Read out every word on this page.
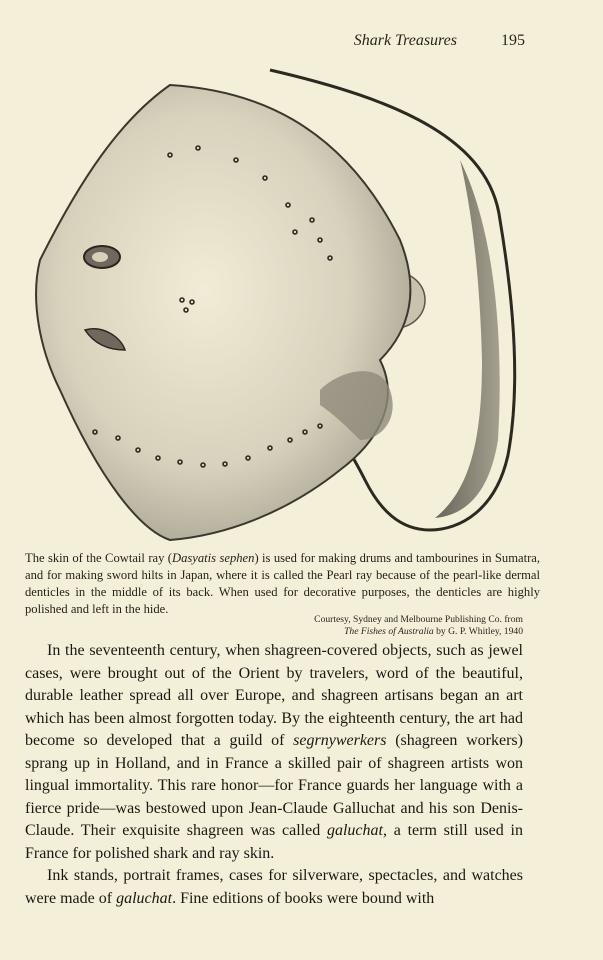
Shark Treasures	195
The skin of the Cowtail ray (Dasyatis sephen) is used for making drums and tambourines in Sumatra, and for making sword hilts in Japan, where it is called the Pearl ray because of the pearl-like dermal denticles in the middle of its back. When used for decorative purposes, the denticles are highly polished and left in the hide.
Courtesy, Sydney and Melbourne Publishing Co. from
The Fishes of Australia by G. P. Whitley, 1940

In the seventeenth century, when shagreen-covered objects, such as jewel cases, were brought out of the Orient by travelers, word of the beautiful, durable leather spread all over Europe, and shagreen artisans began an art which has been almost forgotten today. By the eighteenth century, the art had become so developed that a guild of segrnywerkers (shagreen workers) sprang up in Holland, and in France a skilled pair of shagreen artists won lingual immortality. This rare honor—for France guards her language with a fierce pride—was bestowed upon Jean-Claude Galluchat and his son Denis-Claude. Their exquisite shagreen was called galuchat, a term still used in France for polished shark and ray skin.

Ink stands, portrait frames, cases for silverware, spectacles, and watches were made of galuchat. Fine editions of books were bound with
